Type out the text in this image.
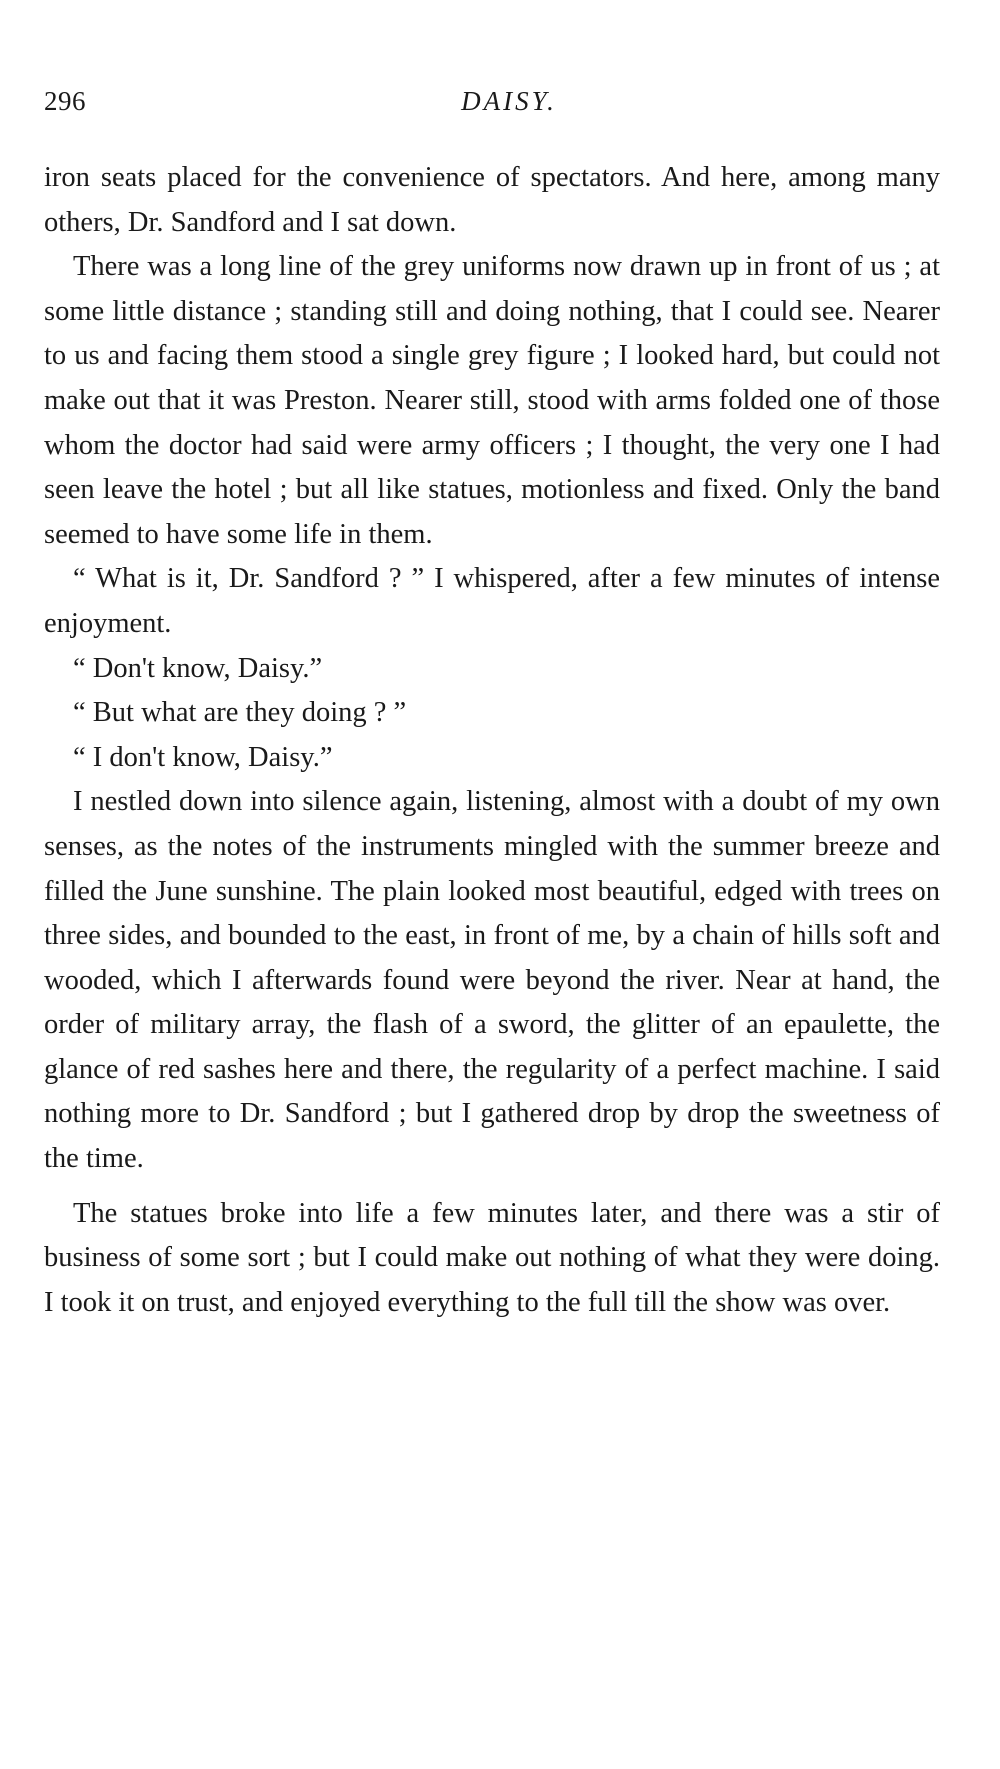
296	DAISY.

iron seats placed for the convenience of spectators. And here, among many others, Dr. Sandford and I sat down.

There was a long line of the grey uniforms now drawn up in front of us ; at some little distance ; standing still and doing nothing, that I could see. Nearer to us and facing them stood a single grey figure ; I looked hard, but could not make out that it was Preston. Nearer still, stood with arms folded one of those whom the doctor had said were army officers ; I thought, the very one I had seen leave the hotel ; but all like statues, motionless and fixed. Only the band seemed to have some life in them.

“ What is it, Dr. Sandford ? ” I whispered, after a few minutes of intense enjoyment.

“ Don't know, Daisy.”

“ But what are they doing ? ”

“ I don't know, Daisy.”

I nestled down into silence again, listening, almost with a doubt of my own senses, as the notes of the instruments mingled with the summer breeze and filled the June sunshine. The plain looked most beautiful, edged with trees on three sides, and bounded to the east, in front of me, by a chain of hills soft and wooded, which I afterwards found were beyond the river. Near at hand, the order of military array, the flash of a sword, the glitter of an epaulette, the glance of red sashes here and there, the regularity of a perfect machine. I said nothing more to Dr. Sandford ; but I gathered drop by drop the sweetness of the time.

The statues broke into life a few minutes later, and there was a stir of business of some sort ; but I could make out nothing of what they were doing. I took it on trust, and enjoyed everything to the full till the show was over.
